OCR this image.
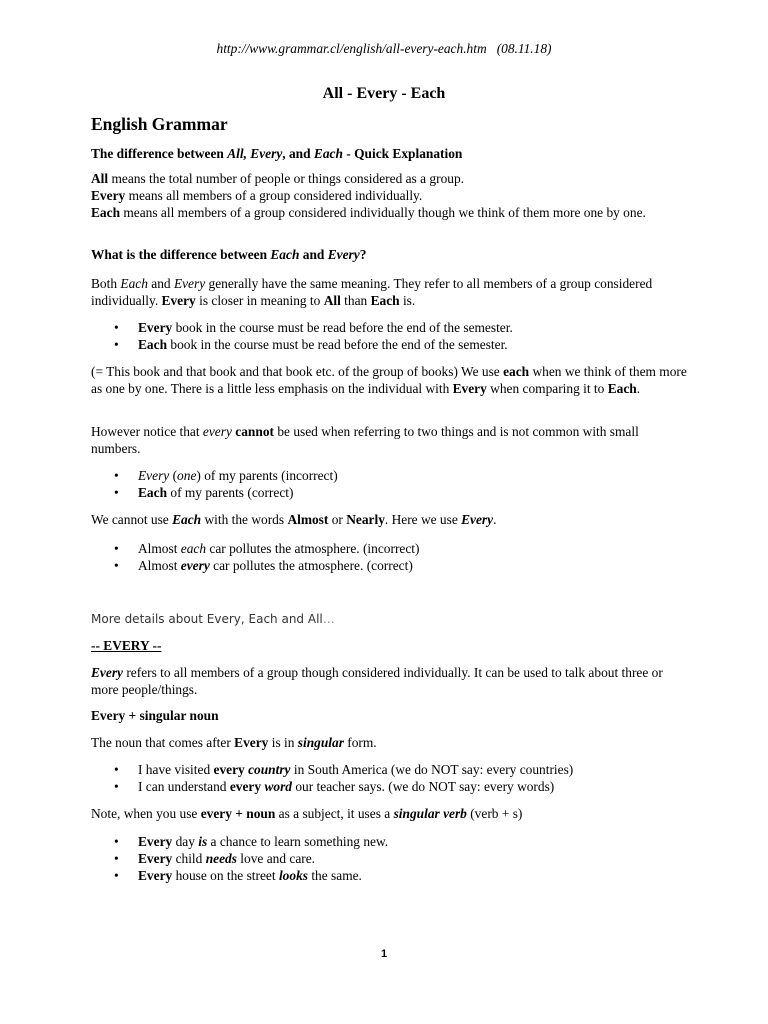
http://www.grammar.cl/english/all-every-each.htm (08.11.18)
All - Every - Each
English Grammar

The difference between All, Every, and Each - Quick Explanation

All means the total number of people or things considered as a group.
Every means all members of a group considered individually.
Each means all members of a group considered individually though we think of them more one by one.

What is the difference between Each and Every?

Both Each and Every generally have the same meaning. They refer to all members of a group considered individually. Every is closer in meaning to All than Each is.

• Every book in the course must be read before the end of the semester.
• Each book in the course must be read before the end of the semester.

(= This book and that book and that book etc. of the group of books) We use each when we think of them more as one by one. There is a little less emphasis on the individual with Every when comparing it to Each.

However notice that every cannot be used when referring to two things and is not common with small numbers.

• Every (one) of my parents (incorrect)
• Each of my parents (correct)

We cannot use Each with the words Almost or Nearly. Here we use Every.

• Almost each car pollutes the atmosphere. (incorrect)
• Almost every car pollutes the atmosphere. (correct)

More details about Every, Each and All…

-- EVERY --

Every refers to all members of a group though considered individually. It can be used to talk about three or more people/things.

Every + singular noun

The noun that comes after Every is in singular form.

• I have visited every country in South America (we do NOT say: every countries)
• I can understand every word our teacher says. (we do NOT say: every words)

Note, when you use every + noun as a subject, it uses a singular verb (verb + s)

• Every day is a chance to learn something new.
• Every child needs love and care.
• Every house on the street looks the same.
1
